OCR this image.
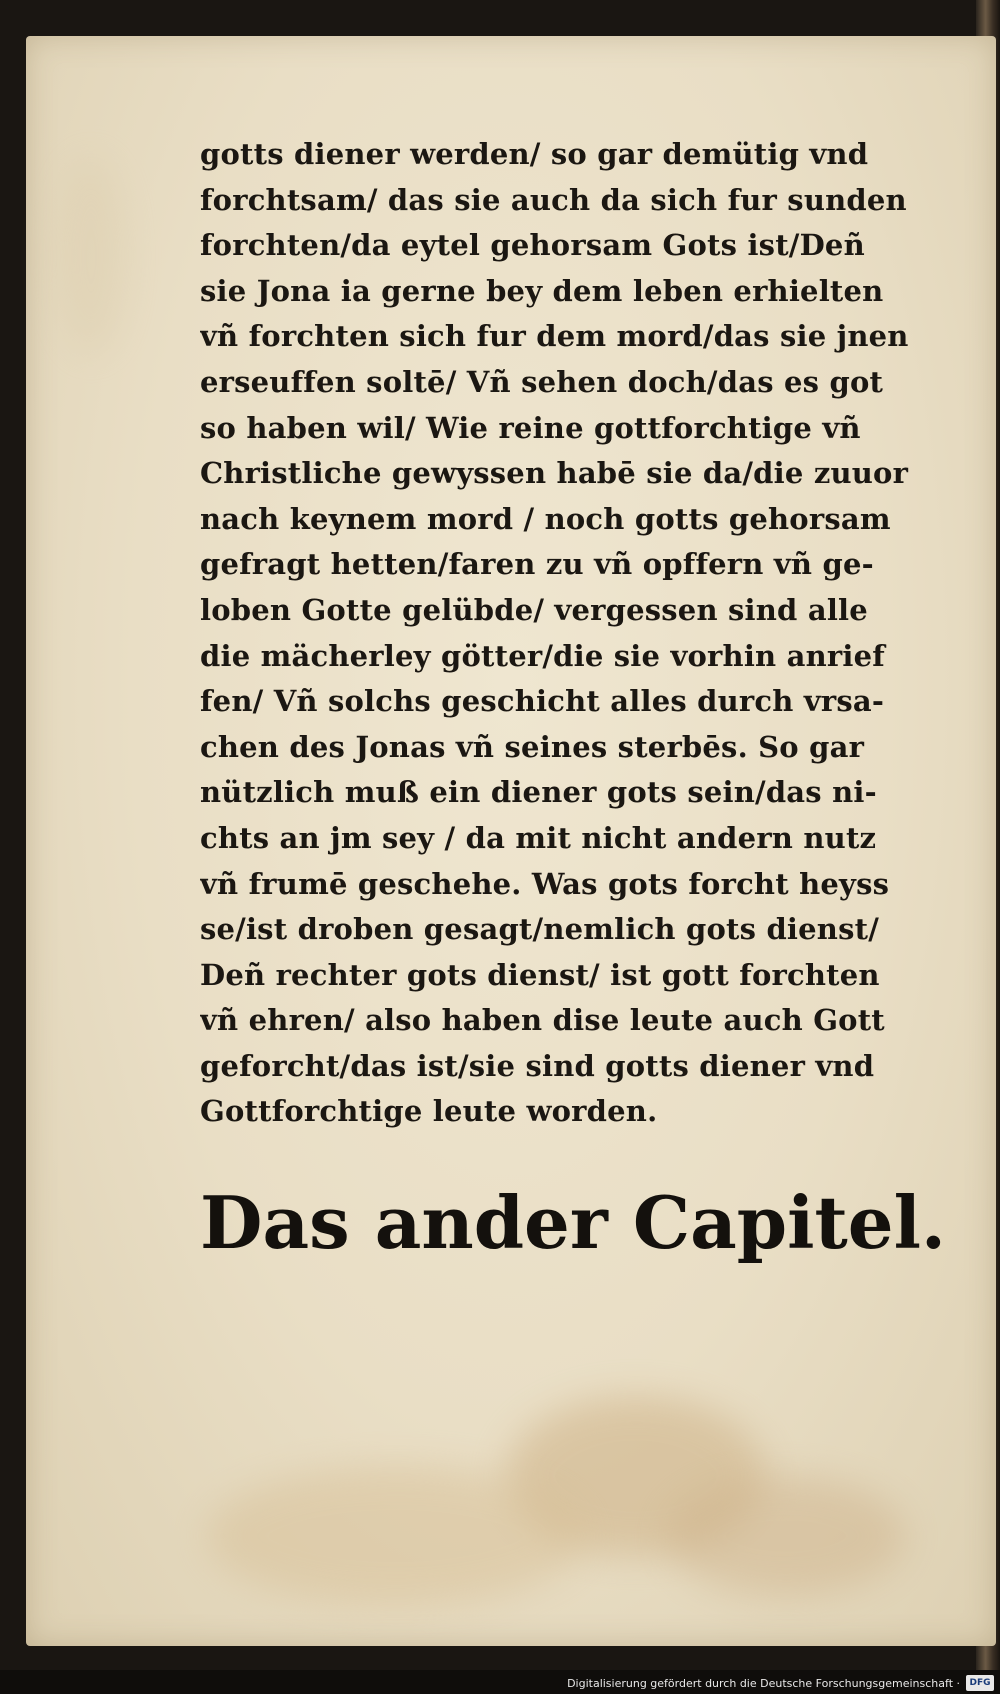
gotts diener werden/ so gar demütig vnd
forchtsam/ das sie auch da sich fur sunden
forchten/da eytel gehorsam Gots ist/Deñ
sie Jona ia gerne bey dem leben erhielten
vñ forchten sich fur dem mord/das sie jnen
erseuffen soltē/ Vñ sehen doch/das es got
so haben wil/ Wie reine gottforchtige vñ
Christliche gewyssen habē sie da/die zuuor
nach keynem mord / noch gotts gehorsam
gefragt hetten/faren zu vñ opffern vñ ge-
loben Gotte gelübde/ vergessen sind alle
die mächerley götter/die sie vorhin anrief
fen/ Vñ solchs geschicht alles durch vrsa-
chen des Jonas vñ seines sterbēs. So gar
nützlich muß ein diener gots sein/das ni-
chts an jm sey / da mit nicht andern nutz
vñ frumē geschehe. Was gots forcht heyss
se/ist droben gesagt/nemlich gots dienst/
Deñ rechter gots dienst/ ist gott forchten
vñ ehren/ also haben dise leute auch Gott
geforcht/das ist/sie sind gotts diener vnd
Gottforchtige leute worden.
Das ander Capitel.
Digitalisierung gefördert durch die Deutsche Forschungsgemeinschaft ·	DFG
